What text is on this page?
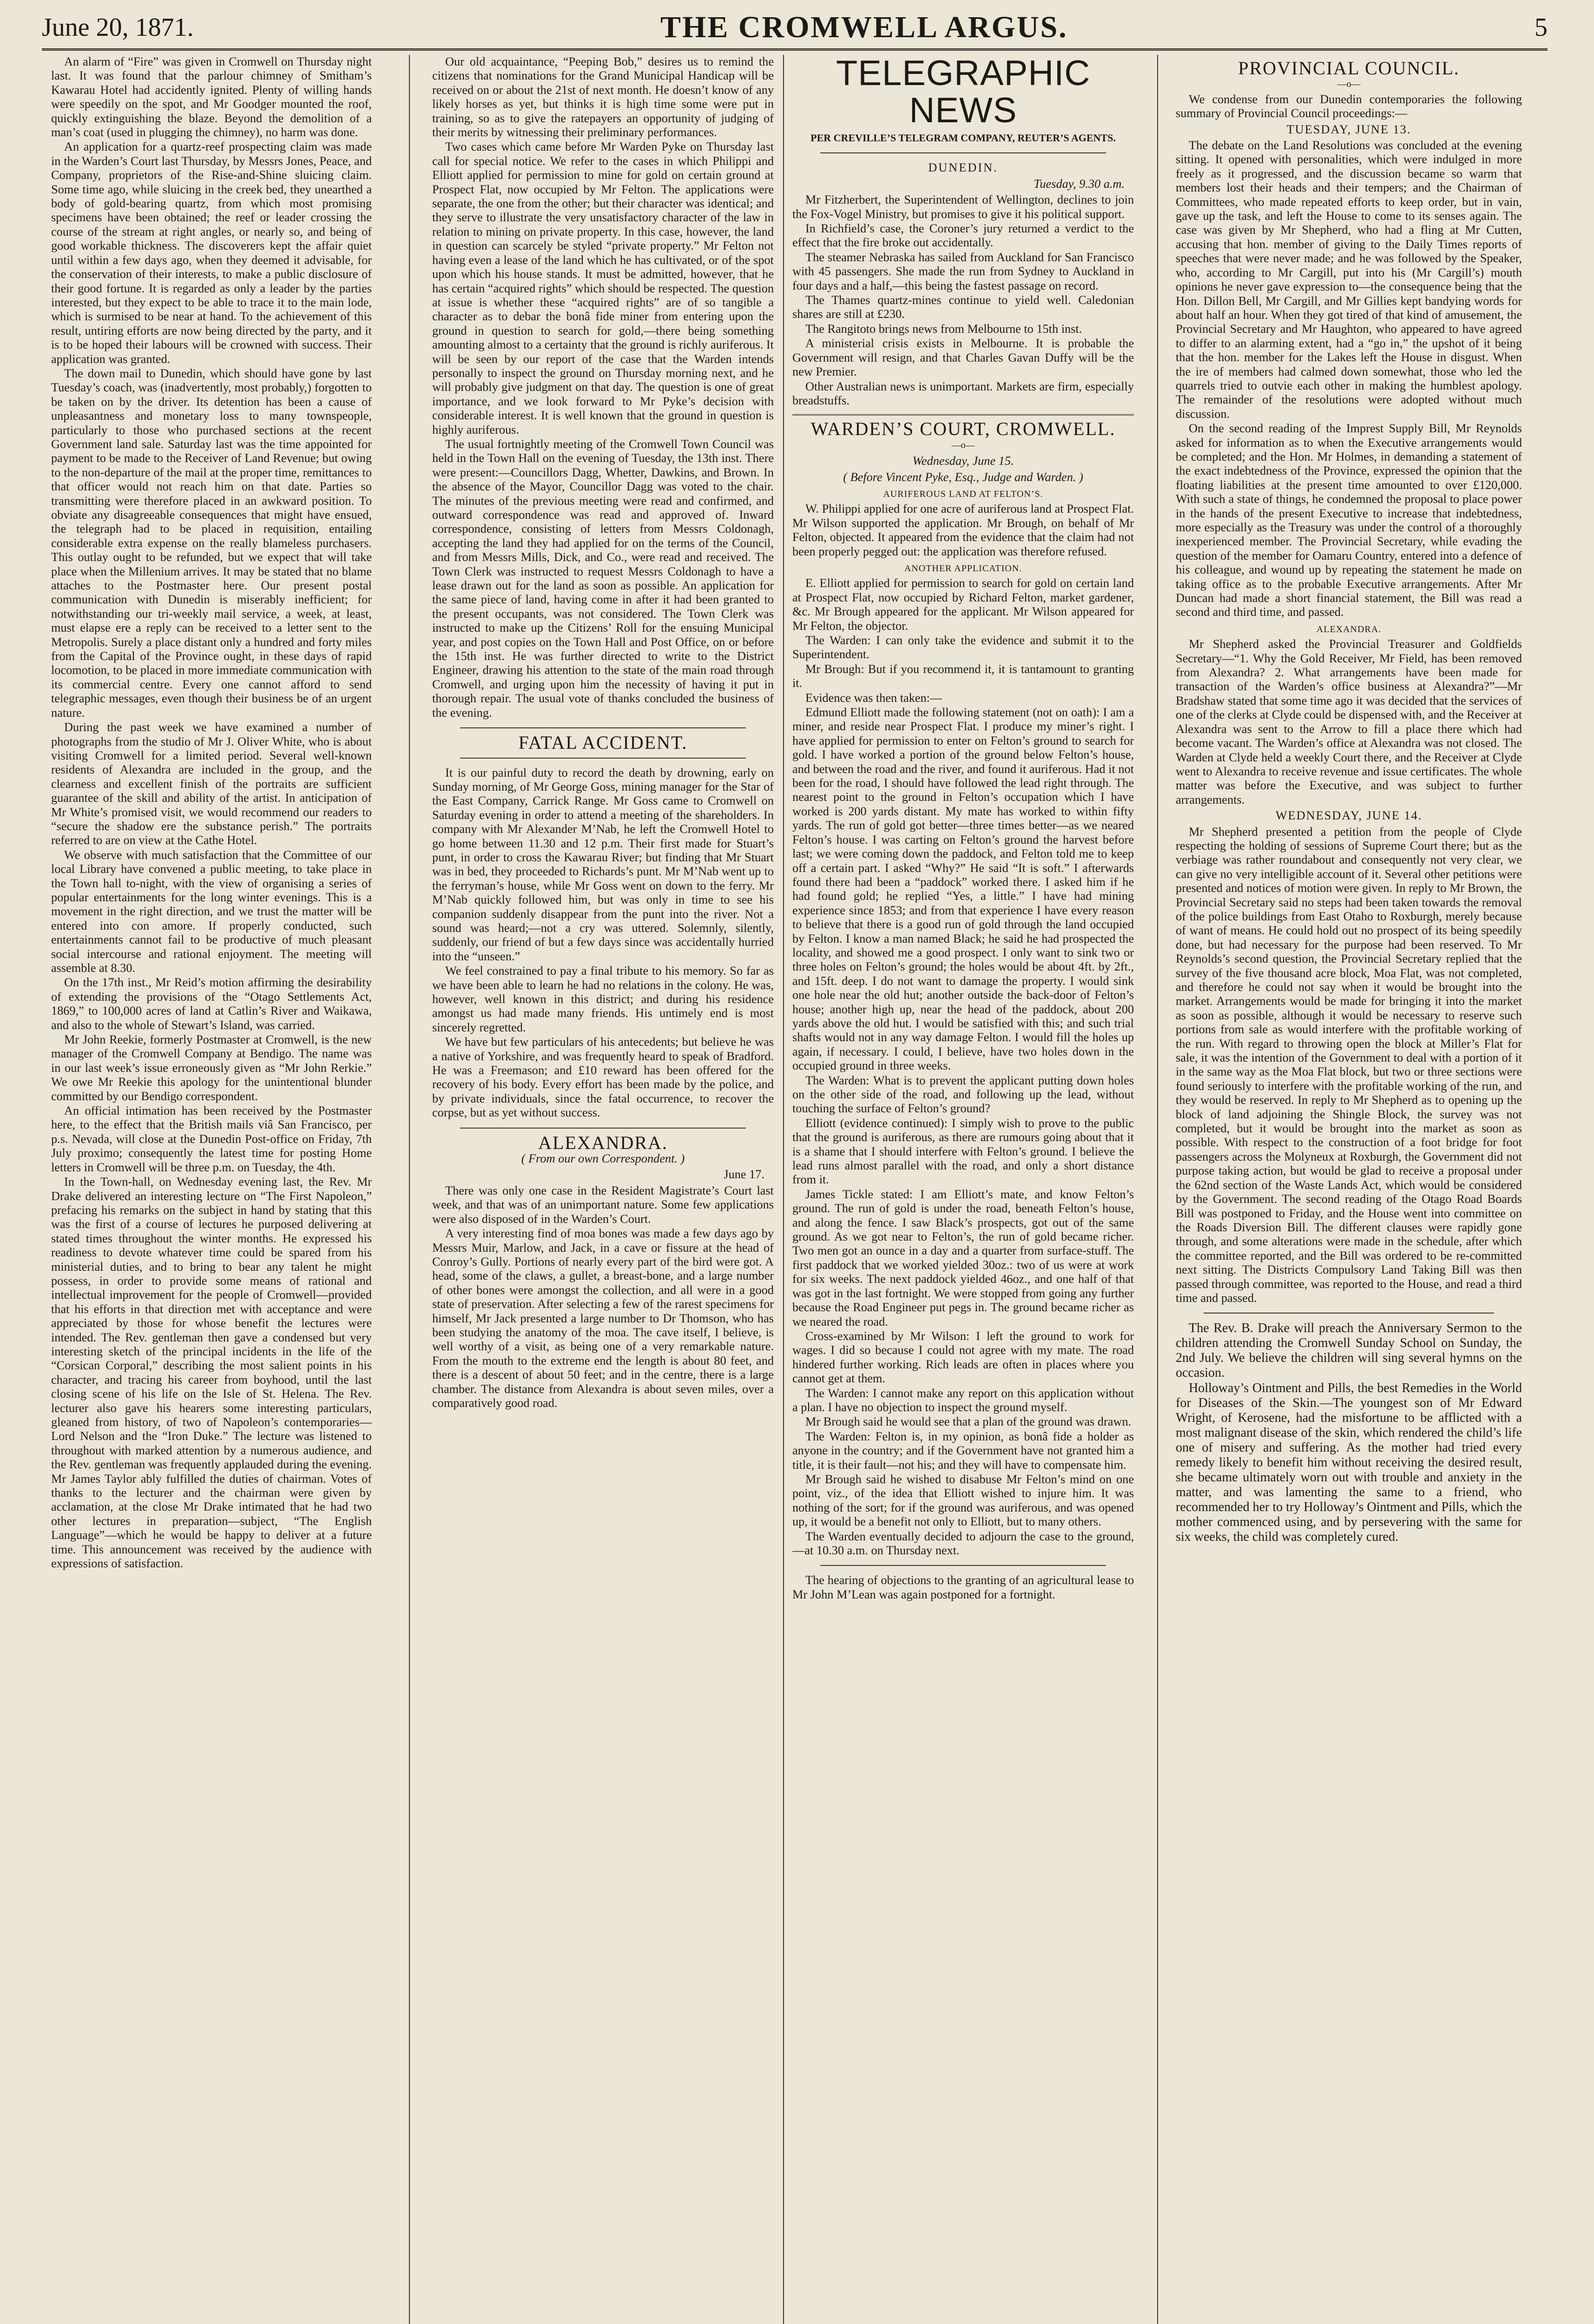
June 20, 1871.	THE CROMWELL ARGUS.	5

An alarm of “Fire” was given in Cromwell on Thursday night last. It was found that the parlour chimney of Smitham’s Kawarau Hotel had accidently ignited. Plenty of willing hands were speedily on the spot, and Mr Goodger mounted the roof, quickly extinguishing the blaze. Beyond the demolition of a man’s coat (used in plugging the chimney), no harm was done.

An application for a quartz-reef prospecting claim was made in the Warden’s Court last Thursday, by Messrs Jones, Peace, and Company, proprietors of the Rise-and-Shine sluicing claim. Some time ago, while sluicing in the creek bed, they unearthed a body of gold-bearing quartz, from which most promising specimens have been obtained; the reef or leader crossing the course of the stream at right angles, or nearly so, and being of good workable thickness. The discoverers kept the affair quiet until within a few days ago, when they deemed it advisable, for the conservation of their interests, to make a public disclosure of their good fortune. It is regarded as only a leader by the parties interested, but they expect to be able to trace it to the main lode, which is surmised to be near at hand. To the achievement of this result, untiring efforts are now being directed by the party, and it is to be hoped their labours will be crowned with success. Their application was granted.

The down mail to Dunedin, which should have gone by last Tuesday’s coach, was (inadvertently, most probably,) forgotten to be taken on by the driver. Its detention has been a cause of unpleasantness and monetary loss to many townspeople, particularly to those who purchased sections at the recent Government land sale. Saturday last was the time appointed for payment to be made to the Receiver of Land Revenue; but owing to the non-departure of the mail at the proper time, remittances to that officer would not reach him on that date. Parties so transmitting were therefore placed in an awkward position. To obviate any disagreeable consequences that might have ensued, the telegraph had to be placed in requisition, entailing considerable extra expense on the really blameless purchasers. This outlay ought to be refunded, but we expect that will take place when the Millenium arrives. It may be stated that no blame attaches to the Postmaster here. Our present postal communication with Dunedin is miserably inefficient; for notwithstanding our tri-weekly mail service, a week, at least, must elapse ere a reply can be received to a letter sent to the Metropolis. Surely a place distant only a hundred and forty miles from the Capital of the Province ought, in these days of rapid locomotion, to be placed in more immediate communication with its commercial centre. Every one cannot afford to send telegraphic messages, even though their business be of an urgent nature.

During the past week we have examined a number of photographs from the studio of Mr J. Oliver White, who is about visiting Cromwell for a limited period. Several well-known residents of Alexandra are included in the group, and the clearness and excellent finish of the portraits are sufficient guarantee of the skill and ability of the artist. In anticipation of Mr White’s promised visit, we would recommend our readers to “secure the shadow ere the substance perish.” The portraits referred to are on view at the Cathe Hotel.

We observe with much satisfaction that the Committee of our local Library have convened a public meeting, to take place in the Town hall to-night, with the view of organising a series of popular entertainments for the long winter evenings. This is a movement in the right direction, and we trust the matter will be entered into con amore. If properly conducted, such entertainments cannot fail to be productive of much pleasant social intercourse and rational enjoyment. The meeting will assemble at 8.30.

On the 17th inst., Mr Reid’s motion affirming the desirability of extending the provisions of the “Otago Settlements Act, 1869,” to 100,000 acres of land at Catlin’s River and Waikawa, and also to the whole of Stewart’s Island, was carried.

Mr John Reekie, formerly Postmaster at Cromwell, is the new manager of the Cromwell Company at Bendigo. The name was in our last week’s issue erroneously given as “Mr John Rerkie.” We owe Mr Reekie this apology for the unintentional blunder committed by our Bendigo correspondent.

An official intimation has been received by the Postmaster here, to the effect that the British mails viâ San Francisco, per p.s. Nevada, will close at the Dunedin Post-office on Friday, 7th July proximo; consequently the latest time for posting Home letters in Cromwell will be three p.m. on Tuesday, the 4th.

In the Town-hall, on Wednesday evening last, the Rev. Mr Drake delivered an interesting lecture on “The First Napoleon,” prefacing his remarks on the subject in hand by stating that this was the first of a course of lectures he purposed delivering at stated times throughout the winter months. He expressed his readiness to devote whatever time could be spared from his ministerial duties, and to bring to bear any talent he might possess, in order to provide some means of rational and intellectual improvement for the people of Cromwell—provided that his efforts in that direction met with acceptance and were appreciated by those for whose benefit the lectures were intended. The Rev. gentleman then gave a condensed but very interesting sketch of the principal incidents in the life of the “Corsican Corporal,” describing the most salient points in his character, and tracing his career from boyhood, until the last closing scene of his life on the Isle of St. Helena. The Rev. lecturer also gave his hearers some interesting particulars, gleaned from history, of two of Napoleon’s contemporaries—Lord Nelson and the “Iron Duke.” The lecture was listened to throughout with marked attention by a numerous audience, and the Rev. gentleman was frequently applauded during the evening. Mr James Taylor ably fulfilled the duties of chairman. Votes of thanks to the lecturer and the chairman were given by acclamation, at the close Mr Drake intimated that he had two other lectures in preparation—subject, “The English Language”—which he would be happy to deliver at a future time. This announcement was received by the audience with expressions of satisfaction.

Our old acquaintance, “Peeping Bob,” desires us to remind the citizens that nominations for the Grand Municipal Handicap will be received on or about the 21st of next month. He doesn’t know of any likely horses as yet, but thinks it is high time some were put in training, so as to give the ratepayers an opportunity of judging of their merits by witnessing their preliminary performances.

Two cases which came before Mr Warden Pyke on Thursday last call for special notice. We refer to the cases in which Philippi and Elliott applied for permission to mine for gold on certain ground at Prospect Flat, now occupied by Mr Felton. The applications were separate, the one from the other; but their character was identical; and they serve to illustrate the very unsatisfactory character of the law in relation to mining on private property. In this case, however, the land in question can scarcely be styled “private property.” Mr Felton not having even a lease of the land which he has cultivated, or of the spot upon which his house stands. It must be admitted, however, that he has certain “acquired rights” which should be respected. The question at issue is whether these “acquired rights” are of so tangible a character as to debar the bonâ fide miner from entering upon the ground in question to search for gold,—there being something amounting almost to a certainty that the ground is richly auriferous. It will be seen by our report of the case that the Warden intends personally to inspect the ground on Thursday morning next, and he will probably give judgment on that day. The question is one of great importance, and we look forward to Mr Pyke’s decision with considerable interest. It is well known that the ground in question is highly auriferous.

The usual fortnightly meeting of the Cromwell Town Council was held in the Town Hall on the evening of Tuesday, the 13th inst. There were present:—Councillors Dagg, Whetter, Dawkins, and Brown. In the absence of the Mayor, Councillor Dagg was voted to the chair. The minutes of the previous meeting were read and confirmed, and outward correspondence was read and approved of. Inward correspondence, consisting of letters from Messrs Coldonagh, accepting the land they had applied for on the terms of the Council, and from Messrs Mills, Dick, and Co., were read and received. The Town Clerk was instructed to request Messrs Coldonagh to have a lease drawn out for the land as soon as possible. An application for the same piece of land, having come in after it had been granted to the present occupants, was not considered. The Town Clerk was instructed to make up the Citizens’ Roll for the ensuing Municipal year, and post copies on the Town Hall and Post Office, on or before the 15th inst. He was further directed to write to the District Engineer, drawing his attention to the state of the main road through Cromwell, and urging upon him the necessity of having it put in thorough repair. The usual vote of thanks concluded the business of the evening.

FATAL ACCIDENT.

It is our painful duty to record the death by drowning, early on Sunday morning, of Mr George Goss, mining manager for the Star of the East Company, Carrick Range. Mr Goss came to Cromwell on Saturday evening in order to attend a meeting of the shareholders. In company with Mr Alexander M’Nab, he left the Cromwell Hotel to go home between 11.30 and 12 p.m. Their first made for Stuart’s punt, in order to cross the Kawarau River; but finding that Mr Stuart was in bed, they proceeded to Richards’s punt. Mr M’Nab went up to the ferryman’s house, while Mr Goss went on down to the ferry. Mr M’Nab quickly followed him, but was only in time to see his companion suddenly disappear from the punt into the river. Not a sound was heard;—not a cry was uttered. Solemnly, silently, suddenly, our friend of but a few days since was accidentally hurried into the “unseen.”

We feel constrained to pay a final tribute to his memory. So far as we have been able to learn he had no relations in the colony. He was, however, well known in this district; and during his residence amongst us had made many friends. His untimely end is most sincerely regretted.

We have but few particulars of his antecedents; but believe he was a native of Yorkshire, and was frequently heard to speak of Bradford. He was a Freemason; and £10 reward has been offered for the recovery of his body. Every effort has been made by the police, and by private individuals, since the fatal occurrence, to recover the corpse, but as yet without success.

ALEXANDRA.
( From our own Correspondent. )
June 17.

There was only one case in the Resident Magistrate’s Court last week, and that was of an unimportant nature. Some few applications were also disposed of in the Warden’s Court.

A very interesting find of moa bones was made a few days ago by Messrs Muir, Marlow, and Jack, in a cave or fissure at the head of Conroy’s Gully. Portions of nearly every part of the bird were got. A head, some of the claws, a gullet, a breast-bone, and a large number of other bones were amongst the collection, and all were in a good state of preservation. After selecting a few of the rarest specimens for himself, Mr Jack presented a large number to Dr Thomson, who has been studying the anatomy of the moa. The cave itself, I believe, is well worthy of a visit, as being one of a very remarkable nature. From the mouth to the extreme end the length is about 80 feet, and there is a descent of about 50 feet; and in the centre, there is a large chamber. The distance from Alexandra is about seven miles, over a comparatively good road.

TELEGRAPHIC NEWS
PER CREVILLE’S TELEGRAM COMPANY, REUTER’S AGENTS.
DUNEDIN.
Tuesday, 9.30 a.m.

Mr Fitzherbert, the Superintendent of Wellington, declines to join the Fox-Vogel Ministry, but promises to give it his political support.

In Richfield’s case, the Coroner’s jury returned a verdict to the effect that the fire broke out accidentally.

The steamer Nebraska has sailed from Auckland for San Francisco with 45 passengers. She made the run from Sydney to Auckland in four days and a half,—this being the fastest passage on record.

The Thames quartz-mines continue to yield well. Caledonian shares are still at £230.

The Rangitoto brings news from Melbourne to 15th inst.

A ministerial crisis exists in Melbourne. It is probable the Government will resign, and that Charles Gavan Duffy will be the new Premier.

Other Australian news is unimportant. Markets are firm, especially breadstuffs.

WARDEN’S COURT, CROMWELL.
—o—
Wednesday, June 15.
( Before Vincent Pyke, Esq., Judge and Warden. )
AURIFEROUS LAND AT FELTON’S.

W. Philippi applied for one acre of auriferous land at Prospect Flat. Mr Wilson supported the application. Mr Brough, on behalf of Mr Felton, objected. It appeared from the evidence that the claim had not been properly pegged out: the application was therefore refused.

ANOTHER APPLICATION.

E. Elliott applied for permission to search for gold on certain land at Prospect Flat, now occupied by Richard Felton, market gardener, &c. Mr Brough appeared for the applicant. Mr Wilson appeared for Mr Felton, the objector.

The Warden: I can only take the evidence and submit it to the Superintendent.

Mr Brough: But if you recommend it, it is tantamount to granting it.

Evidence was then taken:—

Edmund Elliott made the following statement (not on oath): I am a miner, and reside near Prospect Flat. I produce my miner’s right. I have applied for permission to enter on Felton’s ground to search for gold. I have worked a portion of the ground below Felton’s house, and between the road and the river, and found it auriferous. Had it not been for the road, I should have followed the lead right through. The nearest point to the ground in Felton’s occupation which I have worked is 200 yards distant. My mate has worked to within fifty yards. The run of gold got better—three times better—as we neared Felton’s house. I was carting on Felton’s ground the harvest before last; we were coming down the paddock, and Felton told me to keep off a certain part. I asked “Why?” He said “It is soft.” I afterwards found there had been a “paddock” worked there. I asked him if he had found gold; he replied “Yes, a little.” I have had mining experience since 1853; and from that experience I have every reason to believe that there is a good run of gold through the land occupied by Felton. I know a man named Black; he said he had prospected the locality, and showed me a good prospect. I only want to sink two or three holes on Felton’s ground; the holes would be about 4ft. by 2ft., and 15ft. deep. I do not want to damage the property. I would sink one hole near the old hut; another outside the back-door of Felton’s house; another high up, near the head of the paddock, about 200 yards above the old hut. I would be satisfied with this; and such trial shafts would not in any way damage Felton. I would fill the holes up again, if necessary. I could, I believe, have two holes down in the occupied ground in three weeks.

The Warden: What is to prevent the applicant putting down holes on the other side of the road, and following up the lead, without touching the surface of Felton’s ground?

Elliott (evidence continued): I simply wish to prove to the public that the ground is auriferous, as there are rumours going about that it is a shame that I should interfere with Felton’s ground. I believe the lead runs almost parallel with the road, and only a short distance from it.

James Tickle stated: I am Elliott’s mate, and know Felton’s ground. The run of gold is under the road, beneath Felton’s house, and along the fence. I saw Black’s prospects, got out of the same ground. As we got near to Felton’s, the run of gold became richer. Two men got an ounce in a day and a quarter from surface-stuff. The first paddock that we worked yielded 30oz.: two of us were at work for six weeks. The next paddock yielded 46oz., and one half of that was got in the last fortnight. We were stopped from going any further because the Road Engineer put pegs in. The ground became richer as we neared the road.

Cross-examined by Mr Wilson: I left the ground to work for wages. I did so because I could not agree with my mate. The road hindered further working. Rich leads are often in places where you cannot get at them.

The Warden: I cannot make any report on this application without a plan. I have no objection to inspect the ground myself.

Mr Brough said he would see that a plan of the ground was drawn.

The Warden: Felton is, in my opinion, as bonâ fide a holder as anyone in the country; and if the Government have not granted him a title, it is their fault—not his; and they will have to compensate him.

Mr Brough said he wished to disabuse Mr Felton’s mind on one point, viz., of the idea that Elliott wished to injure him. It was nothing of the sort; for if the ground was auriferous, and was opened up, it would be a benefit not only to Elliott, but to many others.

The Warden eventually decided to adjourn the case to the ground,—at 10.30 a.m. on Thursday next.

The hearing of objections to the granting of an agricultural lease to Mr John M’Lean was again postponed for a fortnight.

PROVINCIAL COUNCIL.
—o—

We condense from our Dunedin contemporaries the following summary of Provincial Council proceedings:—

TUESDAY, JUNE 13.

The debate on the Land Resolutions was concluded at the evening sitting. It opened with personalities, which were indulged in more freely as it progressed, and the discussion became so warm that members lost their heads and their tempers; and the Chairman of Committees, who made repeated efforts to keep order, but in vain, gave up the task, and left the House to come to its senses again. The case was given by Mr Shepherd, who had a fling at Mr Cutten, accusing that hon. member of giving to the Daily Times reports of speeches that were never made; and he was followed by the Speaker, who, according to Mr Cargill, put into his (Mr Cargill’s) mouth opinions he never gave expression to—the consequence being that the Hon. Dillon Bell, Mr Cargill, and Mr Gillies kept bandying words for about half an hour. When they got tired of that kind of amusement, the Provincial Secretary and Mr Haughton, who appeared to have agreed to differ to an alarming extent, had a “go in,” the upshot of it being that the hon. member for the Lakes left the House in disgust. When the ire of members had calmed down somewhat, those who led the quarrels tried to outvie each other in making the humblest apology. The remainder of the resolutions were adopted without much discussion.

On the second reading of the Imprest Supply Bill, Mr Reynolds asked for information as to when the Executive arrangements would be completed; and the Hon. Mr Holmes, in demanding a statement of the exact indebtedness of the Province, expressed the opinion that the floating liabilities at the present time amounted to over £120,000. With such a state of things, he condemned the proposal to place power in the hands of the present Executive to increase that indebtedness, more especially as the Treasury was under the control of a thoroughly inexperienced member. The Provincial Secretary, while evading the question of the member for Oamaru Country, entered into a defence of his colleague, and wound up by repeating the statement he made on taking office as to the probable Executive arrangements. After Mr Duncan had made a short financial statement, the Bill was read a second and third time, and passed.

ALEXANDRA.

Mr Shepherd asked the Provincial Treasurer and Goldfields Secretary—“1. Why the Gold Receiver, Mr Field, has been removed from Alexandra? 2. What arrangements have been made for transaction of the Warden’s office business at Alexandra?”—Mr Bradshaw stated that some time ago it was decided that the services of one of the clerks at Clyde could be dispensed with, and the Receiver at Alexandra was sent to the Arrow to fill a place there which had become vacant. The Warden’s office at Alexandra was not closed. The Warden at Clyde held a weekly Court there, and the Receiver at Clyde went to Alexandra to receive revenue and issue certificates. The whole matter was before the Executive, and was subject to further arrangements.

WEDNESDAY, JUNE 14.

Mr Shepherd presented a petition from the people of Clyde respecting the holding of sessions of Supreme Court there; but as the verbiage was rather roundabout and consequently not very clear, we can give no very intelligible account of it. Several other petitions were presented and notices of motion were given. In reply to Mr Brown, the Provincial Secretary said no steps had been taken towards the removal of the police buildings from East Otaho to Roxburgh, merely because of want of means. He could hold out no prospect of its being speedily done, but had necessary for the purpose had been reserved. To Mr Reynolds’s second question, the Provincial Secretary replied that the survey of the five thousand acre block, Moa Flat, was not completed, and therefore he could not say when it would be brought into the market. Arrangements would be made for bringing it into the market as soon as possible, although it would be necessary to reserve such portions from sale as would interfere with the profitable working of the run. With regard to throwing open the block at Miller’s Flat for sale, it was the intention of the Government to deal with a portion of it in the same way as the Moa Flat block, but two or three sections were found seriously to interfere with the profitable working of the run, and they would be reserved. In reply to Mr Shepherd as to opening up the block of land adjoining the Shingle Block, the survey was not completed, but it would be brought into the market as soon as possible. With respect to the construction of a foot bridge for foot passengers across the Molyneux at Roxburgh, the Government did not purpose taking action, but would be glad to receive a proposal under the 62nd section of the Waste Lands Act, which would be considered by the Government. The second reading of the Otago Road Boards Bill was postponed to Friday, and the House went into committee on the Roads Diversion Bill. The different clauses were rapidly gone through, and some alterations were made in the schedule, after which the committee reported, and the Bill was ordered to be re-committed next sitting. The Districts Compulsory Land Taking Bill was then passed through committee, was reported to the House, and read a third time and passed.

The Rev. B. Drake will preach the Anniversary Sermon to the children attending the Cromwell Sunday School on Sunday, the 2nd July. We believe the children will sing several hymns on the occasion.

Holloway’s Ointment and Pills, the best Remedies in the World for Diseases of the Skin.—The youngest son of Mr Edward Wright, of Kerosene, had the misfortune to be afflicted with a most malignant disease of the skin, which rendered the child’s life one of misery and suffering. As the mother had tried every remedy likely to benefit him without receiving the desired result, she became ultimately worn out with trouble and anxiety in the matter, and was lamenting the same to a friend, who recommended her to try Holloway’s Ointment and Pills, which the mother commenced using, and by persevering with the same for six weeks, the child was completely cured.
